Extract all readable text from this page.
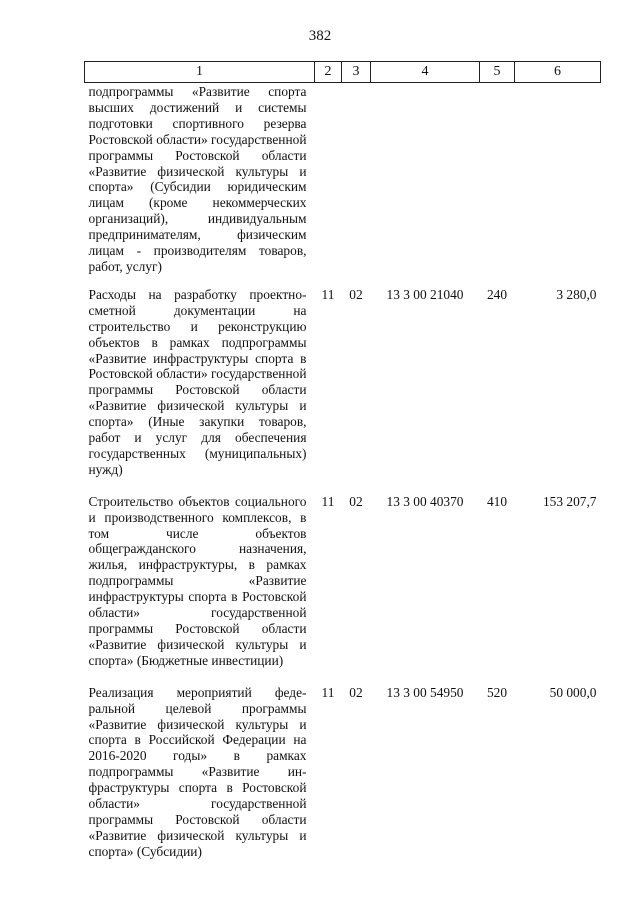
382
1	2	3	4	5	6
подпрограммы «Развитие спорта высших достижений и системы подготовки спортивного резерва Ростовской области» государственной программы Ростовской области «Развитие физической культуры и спорта» (Субсидии юридическим лицам (кроме некоммерческих организаций), индивидуальным предпринимателям, физическим лицам - производителям товаров, работ, услуг)					
Расходы на разработку проектно-сметной документации на строительство и реконструкцию объектов в рамках подпрограммы «Развитие инфраструктуры спорта в Ростовской области» государственной программы Ростовской области «Развитие физической культуры и спорта» (Иные закупки товаров, работ и услуг для обеспечения государственных (муниципальных) нужд)	11	02	13 3 00 21040	240	3 280,0
Строительство объектов социального и производственного комплексов, в том числе объектов общегражданского назначения, жилья, инфраструктуры, в рамках подпрограммы «Развитие инфраструктуры спорта в Ростовской области» государственной программы Ростовской области «Развитие физической культуры и спорта» (Бюджетные инвестиции)	11	02	13 3 00 40370	410	153 207,7
Реализация мероприятий федеральной целевой программы «Развитие физической культуры и спорта в Российской Федерации на 2016-2020 годы» в рамках подпрограммы «Развитие инфраструктуры спорта в Ростовской области» государственной программы Ростовской области «Развитие физической культуры и спорта» (Субсидии)	11	02	13 3 00 54950	520	50 000,0
